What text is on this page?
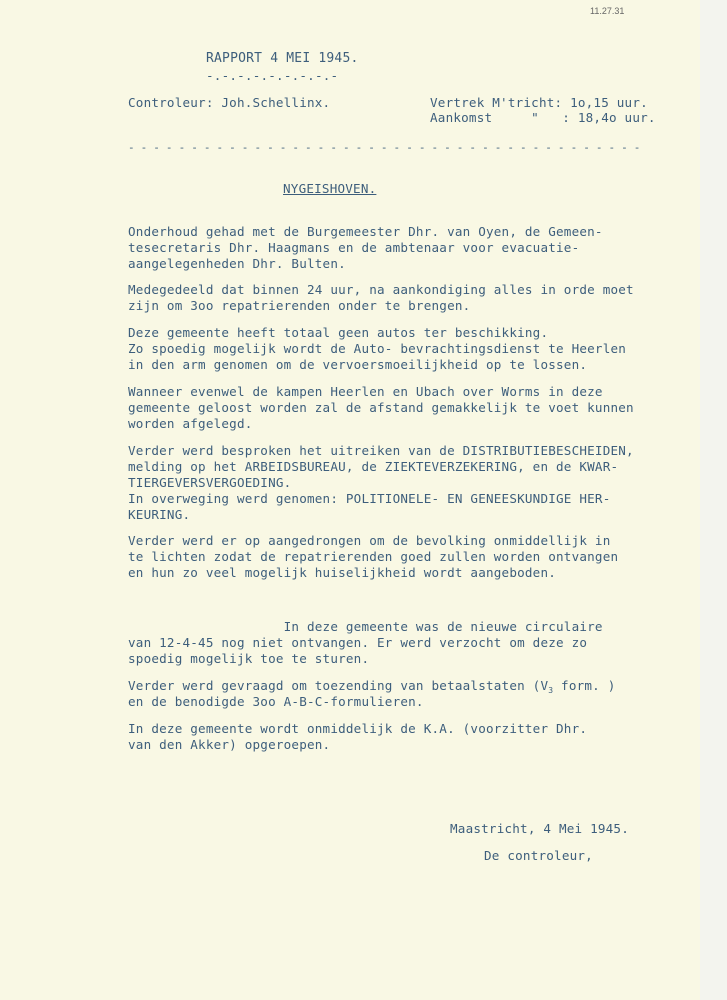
11.27.31
RAPPORT 4 MEI 1945.
-.-.-.-.-.-.-.-.-
Controleur: Joh.Schellinx.	Vertrek M'tricht: 1o,15 uur.
Aankomst     "   : 18,4o uur.
- - - - - - - - - - - - - - - - - - - - - - - - - - - - - - - - - - - - - - - - -
NYGEISHOVEN.
Onderhoud gehad met de Burgemeester Dhr. van Oyen, de Gemeen-
tesecretaris Dhr. Haagmans en de ambtenaar voor evacuatie-
aangelegenheden Dhr. Bulten.
Medegedeeld dat binnen 24 uur, na aankondiging alles in orde moet
zijn om 3oo repatrierenden onder te brengen.
Deze gemeente heeft totaal geen autos ter beschikking.
Zo spoedig mogelijk wordt de Auto- bevrachtingsdienst te Heerlen
in den arm genomen om de vervoersmoeilijkheid op te lossen.
Wanneer evenwel de kampen Heerlen en Ubach over Worms in deze
gemeente geloost worden zal de afstand gemakkelijk te voet kunnen
worden afgelegd.
Verder werd besproken het uitreiken van de DISTRIBUTIEBESCHEIDEN,
melding op het ARBEIDSBUREAU, de ZIEKTEVERZEKERING, en de KWAR-
TIERGEVERSVERGOEDING.
In overweging werd genomen: POLITIONELE- EN GENEESKUNDIGE HER-
KEURING.
Verder werd er op aangedrongen om de bevolking onmiddellijk in
te lichten zodat de repatrierenden goed zullen worden ontvangen
en hun zo veel mogelijk huiselijkheid wordt aangeboden.
In deze gemeente was de nieuwe circulaire
van 12-4-45 nog niet ontvangen. Er werd verzocht om deze zo
spoedig mogelijk toe te sturen.
Verder werd gevraagd om toezending van betaalstaten ($V_3$ form. )
en de benodigde 3oo A-B-C-formulieren.
In deze gemeente wordt onmiddelijk de K.A. (voorzitter Dhr.
van den Akker) opgeroepen.
Maastricht, 4 Mei 1945.
De controleur,
